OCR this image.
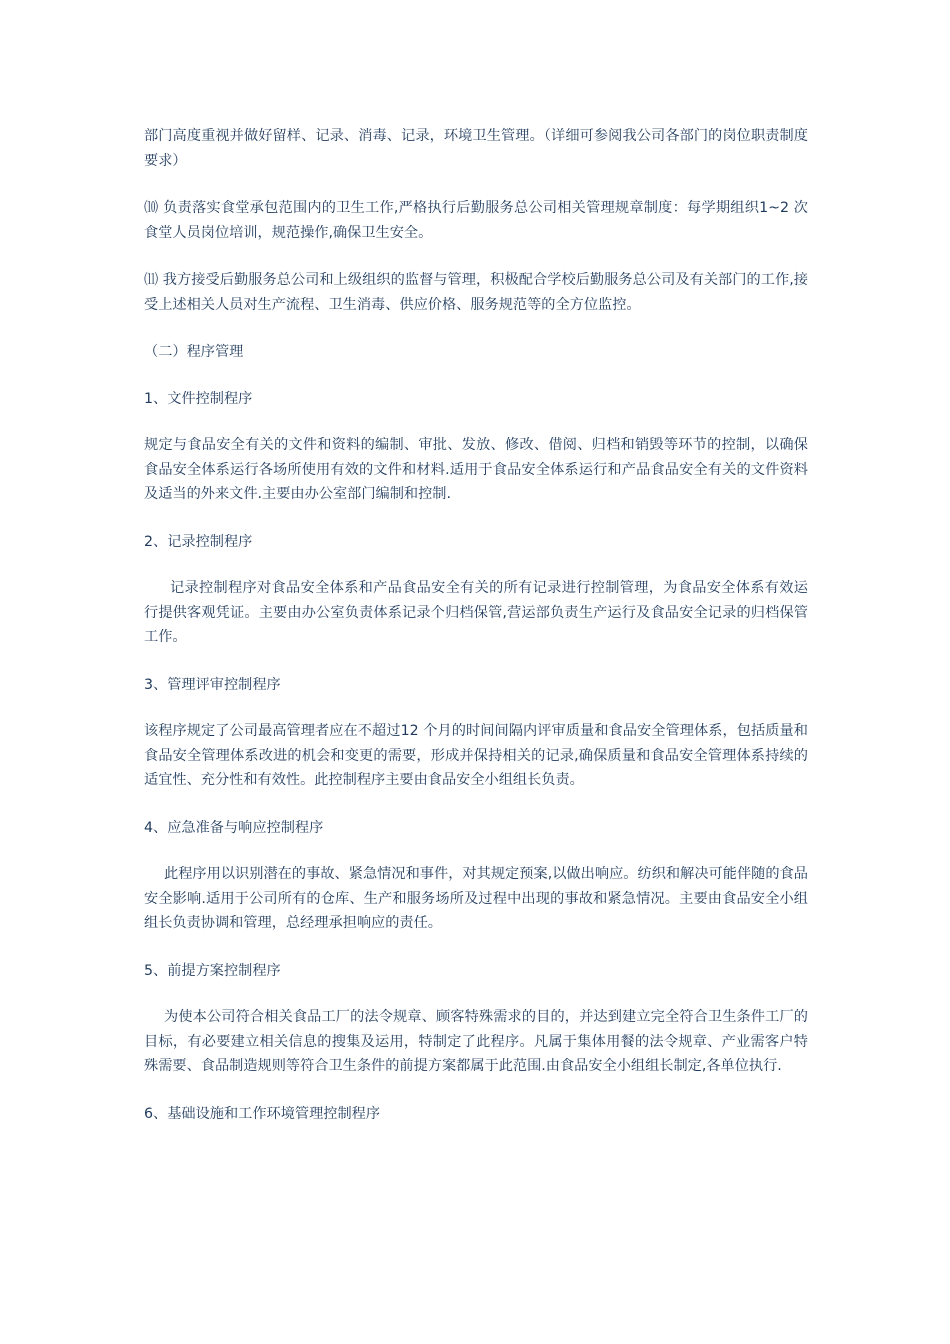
部门高度重视并做好留样、记录、消毒、记录，环境卫生管理。（详细可参阅我公司各部门的岗位职责制度要求）

⑽ 负责落实食堂承包范围内的卫生工作,严格执行后勤服务总公司相关管理规章制度：每学期组织1~2 次食堂人员岗位培训，规范操作,确保卫生安全。

⑾ 我方接受后勤服务总公司和上级组织的监督与管理，积极配合学校后勤服务总公司及有关部门的工作,接受上述相关人员对生产流程、卫生消毒、供应价格、服务规范等的全方位监控。

（二）程序管理

1、文件控制程序

规定与食品安全有关的文件和资料的编制、审批、发放、修改、借阅、归档和销毁等环节的控制，以确保食品安全体系运行各场所使用有效的文件和材料.适用于食品安全体系运行和产品食品安全有关的文件资料及适当的外来文件.主要由办公室部门编制和控制.

2、记录控制程序

记录控制程序对食品安全体系和产品食品安全有关的所有记录进行控制管理，为食品安全体系有效运行提供客观凭证。主要由办公室负责体系记录个归档保管,营运部负责生产运行及食品安全记录的归档保管工作。

3、管理评审控制程序

该程序规定了公司最高管理者应在不超过12 个月的时间间隔内评审质量和食品安全管理体系，包括质量和食品安全管理体系改进的机会和变更的需要，形成并保持相关的记录,确保质量和食品安全管理体系持续的适宜性、充分性和有效性。此控制程序主要由食品安全小组组长负责。

4、应急准备与响应控制程序

此程序用以识别潜在的事故、紧急情况和事件，对其规定预案,以做出响应。纺织和解决可能伴随的食品安全影响.适用于公司所有的仓库、生产和服务场所及过程中出现的事故和紧急情况。主要由食品安全小组组长负责协调和管理，总经理承担响应的责任。

5、前提方案控制程序

为使本公司符合相关食品工厂的法令规章、顾客特殊需求的目的，并达到建立完全符合卫生条件工厂的目标，有必要建立相关信息的搜集及运用，特制定了此程序。凡属于集体用餐的法令规章、产业需客户特殊需要、食品制造规则等符合卫生条件的前提方案都属于此范围.由食品安全小组组长制定,各单位执行.

6、基础设施和工作环境管理控制程序
